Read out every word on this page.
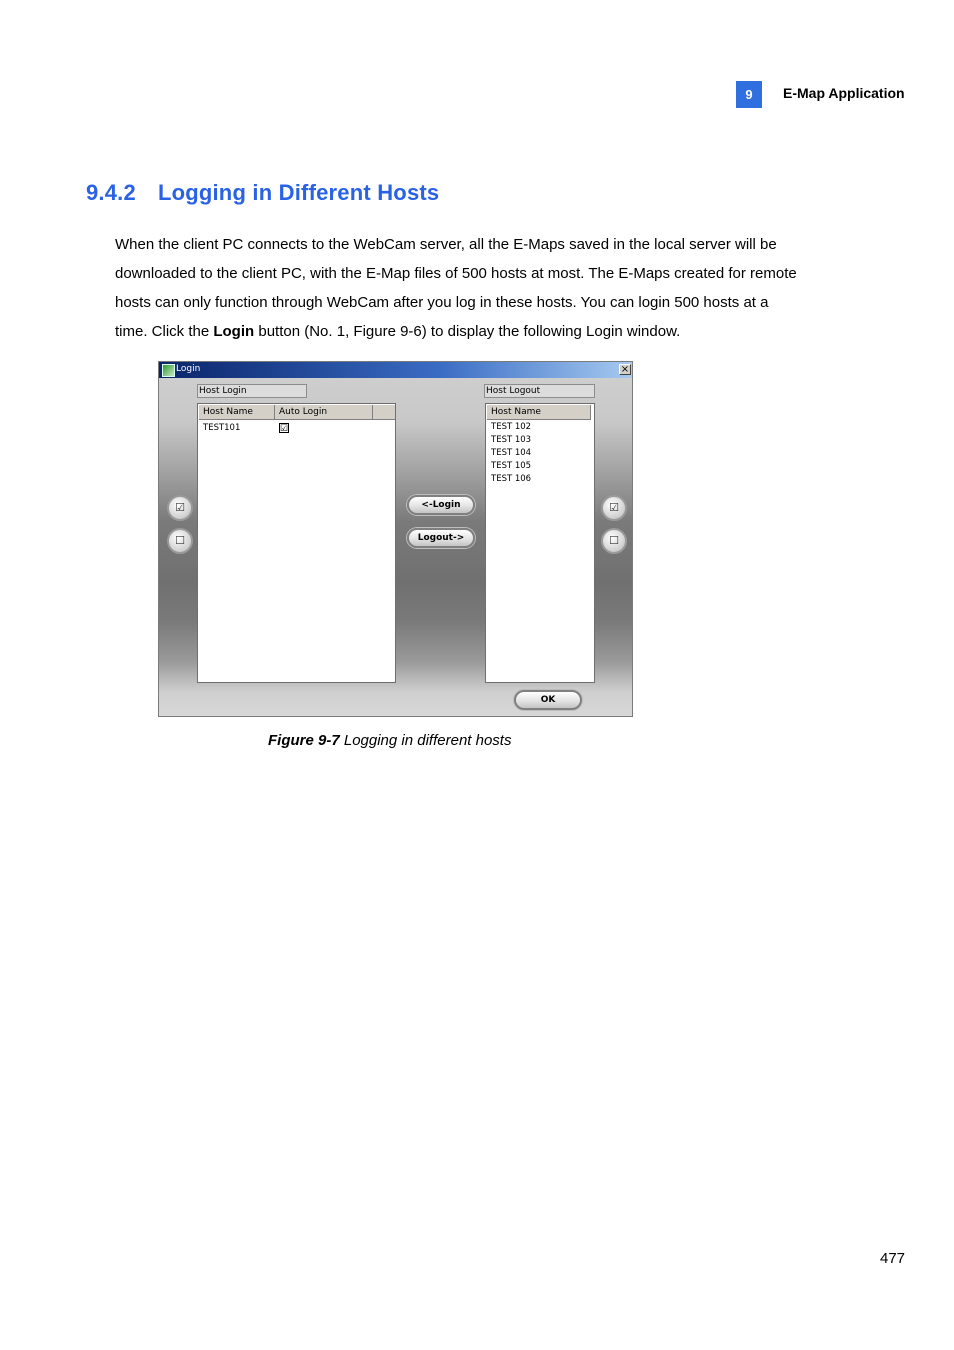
9	E-Map Application
9.4.2 Logging in Different Hosts

When the client PC connects to the WebCam server, all the E-Maps saved in the local server will be

downloaded to the client PC, with the E-Map files of 500 hosts at most. The E-Maps created for remote

hosts can only function through WebCam after you log in these hosts. You can login 500 hosts at a

time. Click the Login button (No. 1, Figure 9-6) to display the following Login window.

Login	×
☑
☐
Host Login
Host Name	Auto Login
TEST101	☑
<-Login
Logout->
Host Logout
Host Name
TEST 102
TEST 103
TEST 104
TEST 105
TEST 106
☑
☐
OK
Figure 9-7 Logging in different hosts
477
